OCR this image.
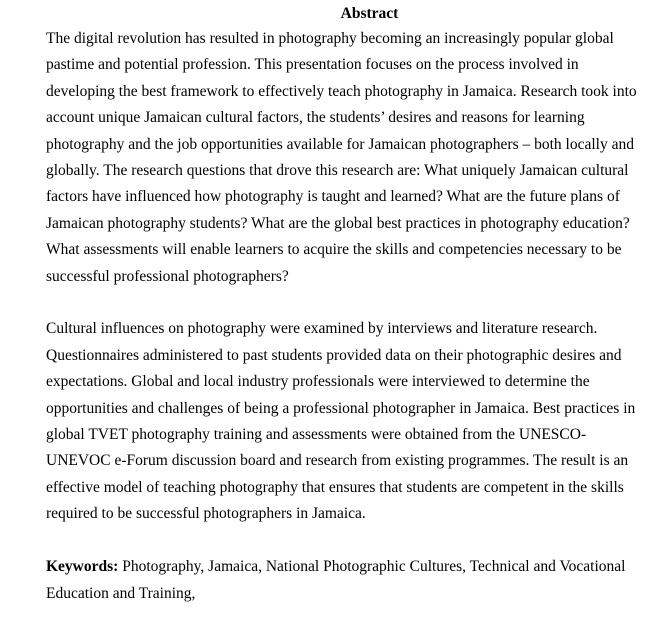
Abstract
The digital revolution has resulted in photography becoming an increasingly popular global
pastime and potential profession. This presentation focuses on the process involved in
developing the best framework to effectively teach photography in Jamaica. Research took into
account unique Jamaican cultural factors, the students’ desires and reasons for learning
photography and the job opportunities available for Jamaican photographers – both locally and
globally. The research questions that drove this research are: What uniquely Jamaican cultural
factors have influenced how photography is taught and learned? What are the future plans of
Jamaican photography students? What are the global best practices in photography education?
What assessments will enable learners to acquire the skills and competencies necessary to be
successful professional photographers?
Cultural influences on photography were examined by interviews and literature research.
Questionnaires administered to past students provided data on their photographic desires and
expectations. Global and local industry professionals were interviewed to determine the
opportunities and challenges of being a professional photographer in Jamaica. Best practices in
global TVET photography training and assessments were obtained from the UNESCO-
UNEVOC e-Forum discussion board and research from existing programmes. The result is an
effective model of teaching photography that ensures that students are competent in the skills
required to be successful photographers in Jamaica.
Keywords: Photography, Jamaica, National Photographic Cultures, Technical and Vocational
Education and Training,
